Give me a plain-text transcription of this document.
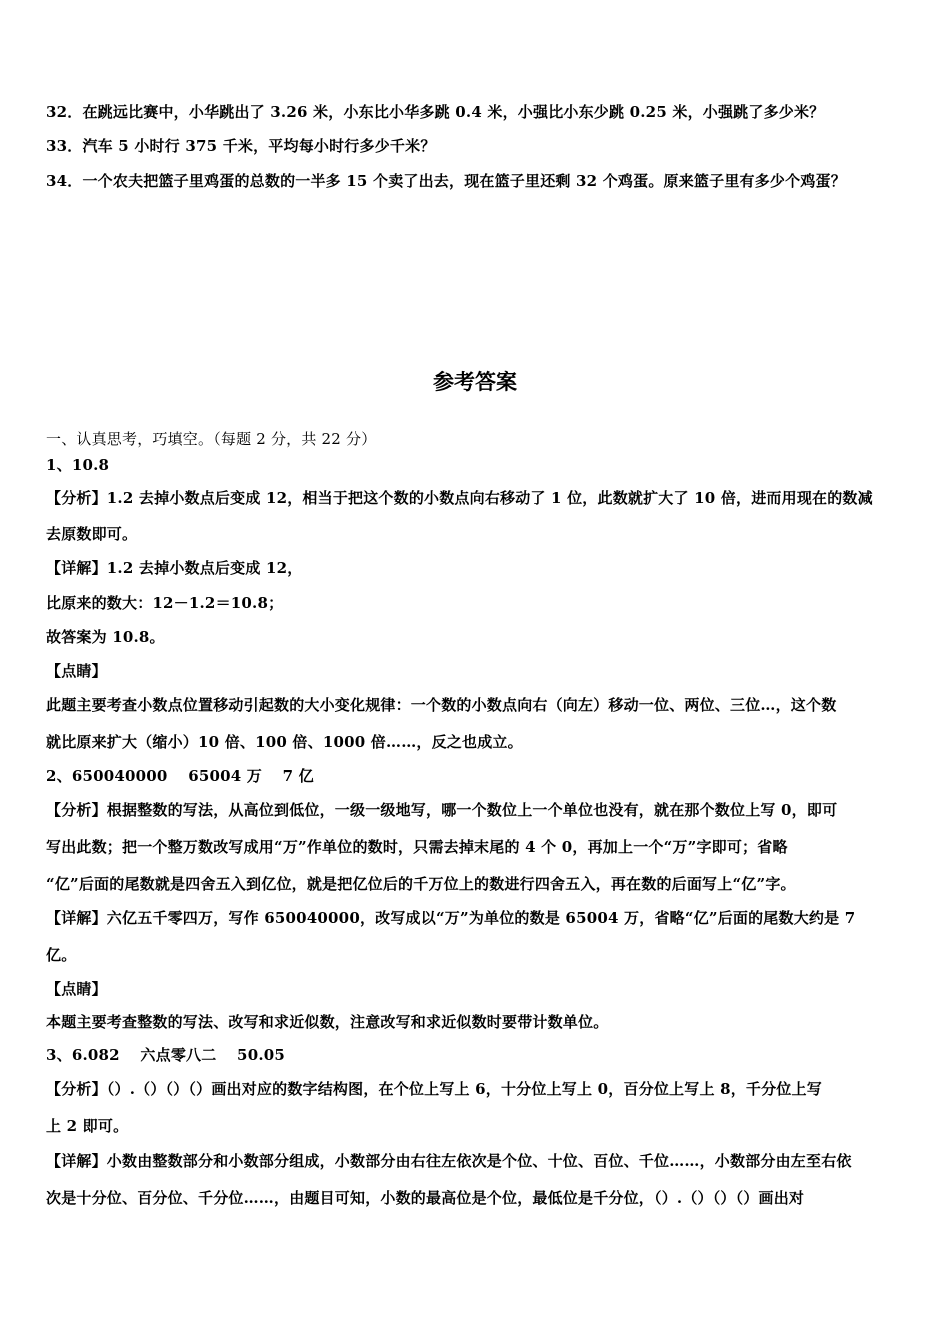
32．在跳远比赛中，小华跳出了 3.26 米，小东比小华多跳 0.4 米，小强比小东少跳 0.25 米，小强跳了多少米？
33．汽车 5 小时行 375 千米，平均每小时行多少千米？
34．一个农夫把篮子里鸡蛋的总数的一半多 15 个卖了出去，现在篮子里还剩 32 个鸡蛋。原来篮子里有多少个鸡蛋？
参考答案
一、认真思考，巧填空。（每题 2 分，共 22 分）
1、10.8
【分析】1.2 去掉小数点后变成 12，相当于把这个数的小数点向右移动了 1 位，此数就扩大了 10 倍，进而用现在的数减
去原数即可。
【详解】1.2 去掉小数点后变成 12，
比原来的数大：12－1.2＝10.8；
故答案为 10.8。
【点睛】
此题主要考查小数点位置移动引起数的大小变化规律：一个数的小数点向右（向左）移动一位、两位、三位…，这个数
就比原来扩大（缩小）10 倍、100 倍、1000 倍……，反之也成立。
2、650040000　 65004 万　 7 亿
【分析】根据整数的写法，从高位到低位，一级一级地写，哪一个数位上一个单位也没有，就在那个数位上写 0，即可
写出此数；把一个整万数改写成用“万”作单位的数时，只需去掉末尾的 4 个 0，再加上一个“万”字即可；省略
“亿”后面的尾数就是四舍五入到亿位，就是把亿位后的千万位上的数进行四舍五入，再在数的后面写上“亿”字。
【详解】六亿五千零四万，写作 650040000，改写成以“万”为单位的数是 65004 万，省略“亿”后面的尾数大约是 7
亿。
【点睛】
本题主要考查整数的写法、改写和求近似数，注意改写和求近似数时要带计数单位。
3、6.082　 六点零八二　 50.05
【分析】（）.（）（）（）画出对应的数字结构图，在个位上写上 6，十分位上写上 0，百分位上写上 8，千分位上写
上 2 即可。
【详解】小数由整数部分和小数部分组成，小数部分由右往左依次是个位、十位、百位、千位……，小数部分由左至右依
次是十分位、百分位、千分位……，由题目可知，小数的最高位是个位，最低位是千分位，（）.（）（）（）画出对
